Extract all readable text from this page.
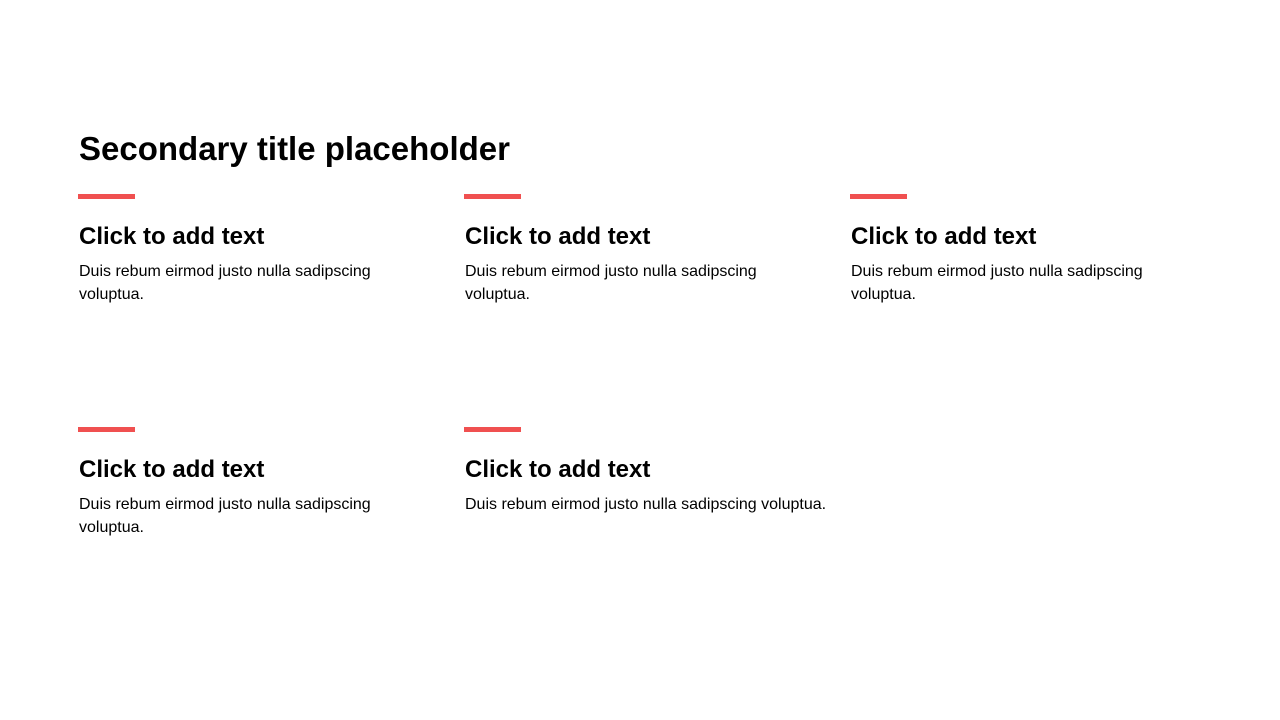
Secondary title placeholder
Click to add text

Duis rebum eirmod justo nulla sadipscing voluptua.

Click to add text

Duis rebum eirmod justo nulla sadipscing voluptua.

Click to add text

Duis rebum eirmod justo nulla sadipscing voluptua.

Click to add text

Duis rebum eirmod justo nulla sadipscing voluptua.

Click to add text

Duis rebum eirmod justo nulla sadipscing voluptua.
